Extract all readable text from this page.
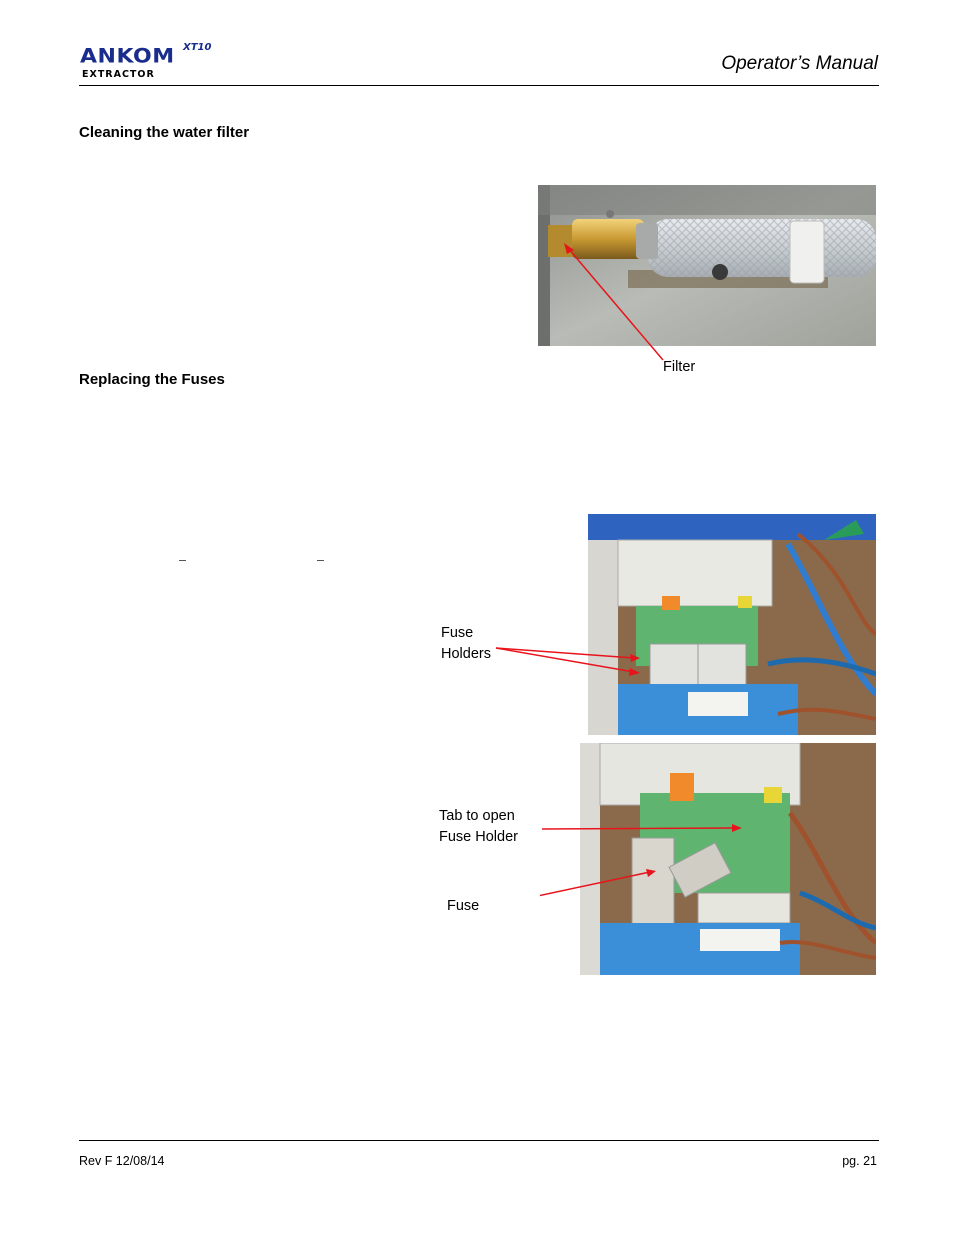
ANKOM XT10
EXTRACTOR
Operator’s Manual
Cleaning the water filter
Filter
Replacing the Fuses
Fuse
Holders
Tab to open
Fuse Holder
Fuse
Rev F 12/08/14	pg. 21
